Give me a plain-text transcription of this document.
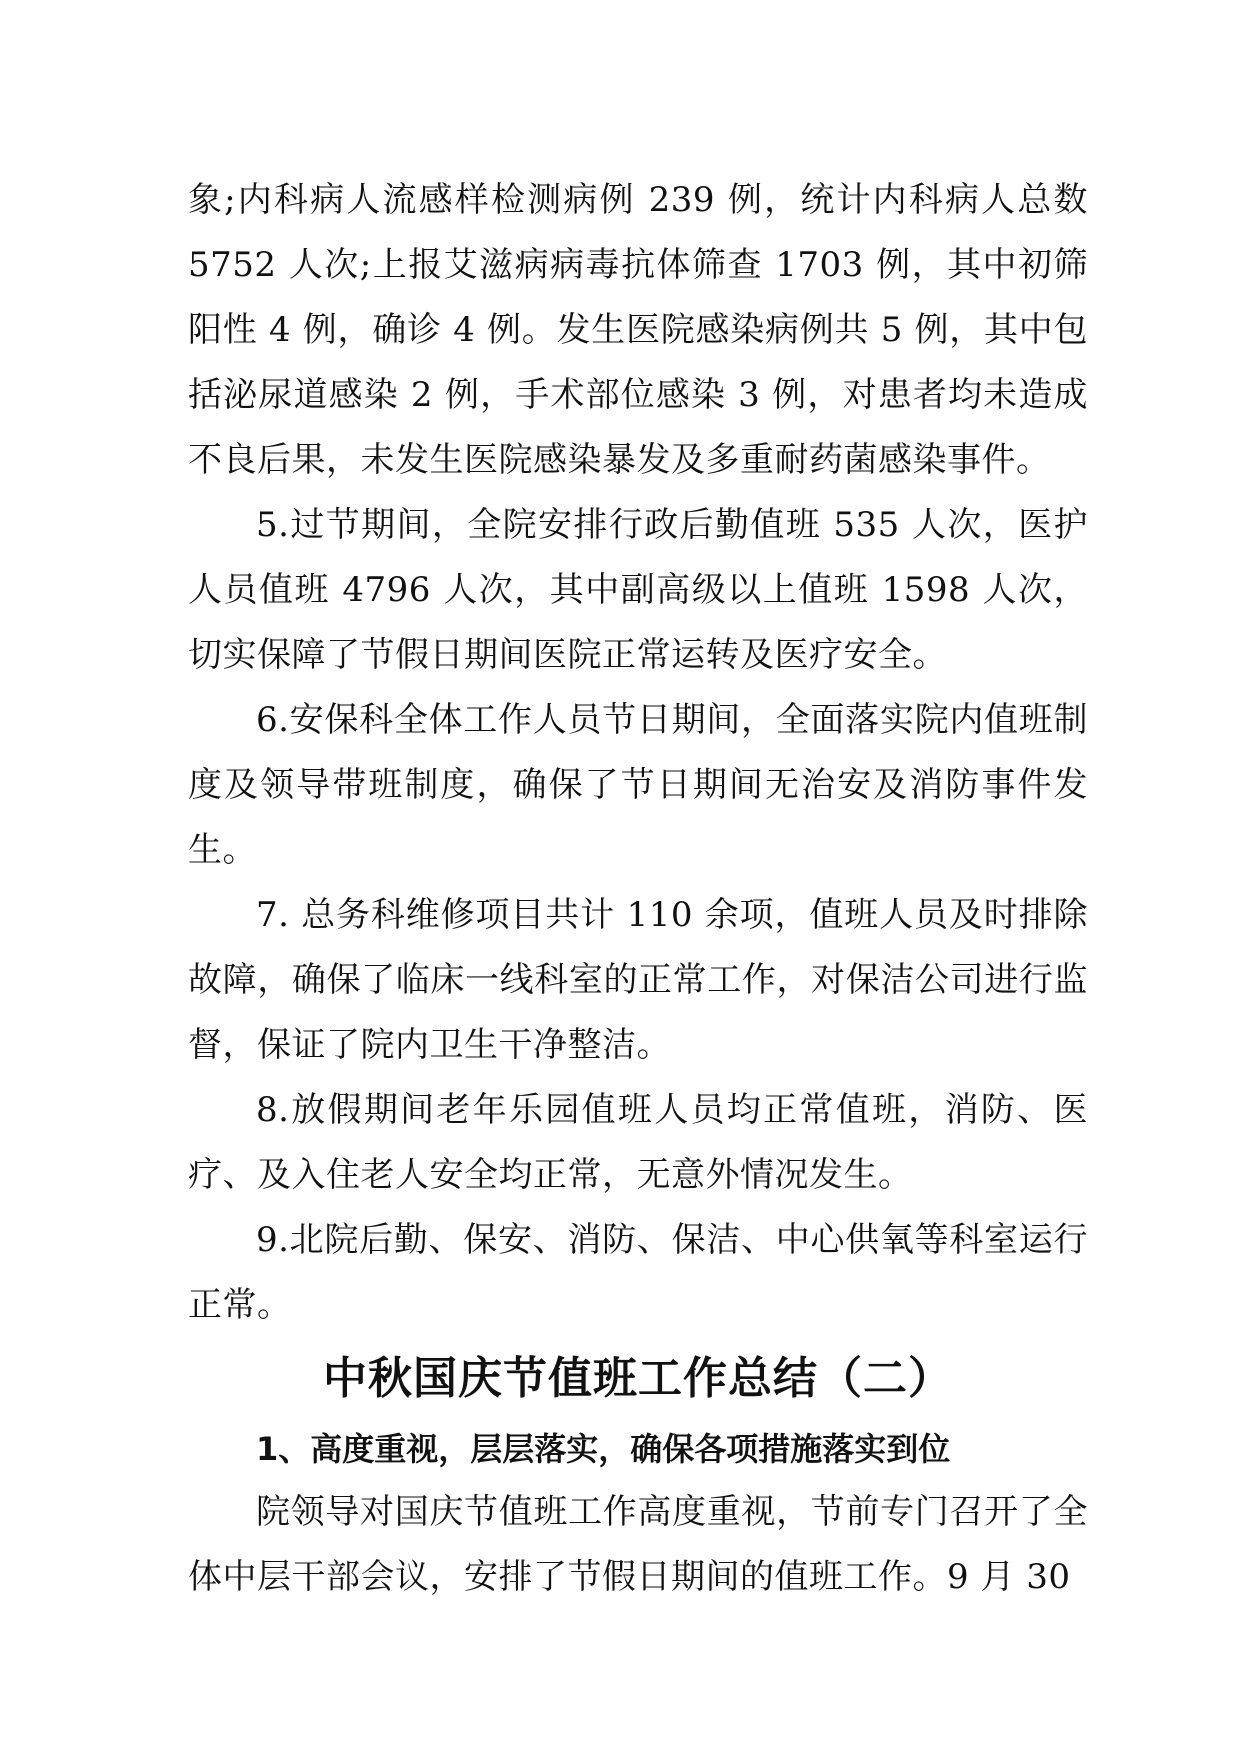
象;内科病人流感样检测病例 239 例，统计内科病人总数 5752 人次;上报艾滋病病毒抗体筛查 1703 例，其中初筛阳性 4 例，确诊 4 例。发生医院感染病例共 5 例，其中包括泌尿道感染 2 例，手术部位感染 3 例，对患者均未造成不良后果，未发生医院感染暴发及多重耐药菌感染事件。

5.过节期间，全院安排行政后勤值班 535 人次，医护人员值班 4796 人次，其中副高级以上值班 1598 人次，切实保障了节假日期间医院正常运转及医疗安全。

6.安保科全体工作人员节日期间，全面落实院内值班制度及领导带班制度，确保了节日期间无治安及消防事件发生。

7. 总务科维修项目共计 110 余项，值班人员及时排除故障，确保了临床一线科室的正常工作，对保洁公司进行监督，保证了院内卫生干净整洁。

8.放假期间老年乐园值班人员均正常值班，消防、医疗、及入住老人安全均正常，无意外情况发生。

9.北院后勤、保安、消防、保洁、中心供氧等科室运行正常。

中秋国庆节值班工作总结（二）
1、高度重视，层层落实，确保各项措施落实到位

院领导对国庆节值班工作高度重视，节前专门召开了全体中层干部会议，安排了节假日期间的值班工作。9 月 30
